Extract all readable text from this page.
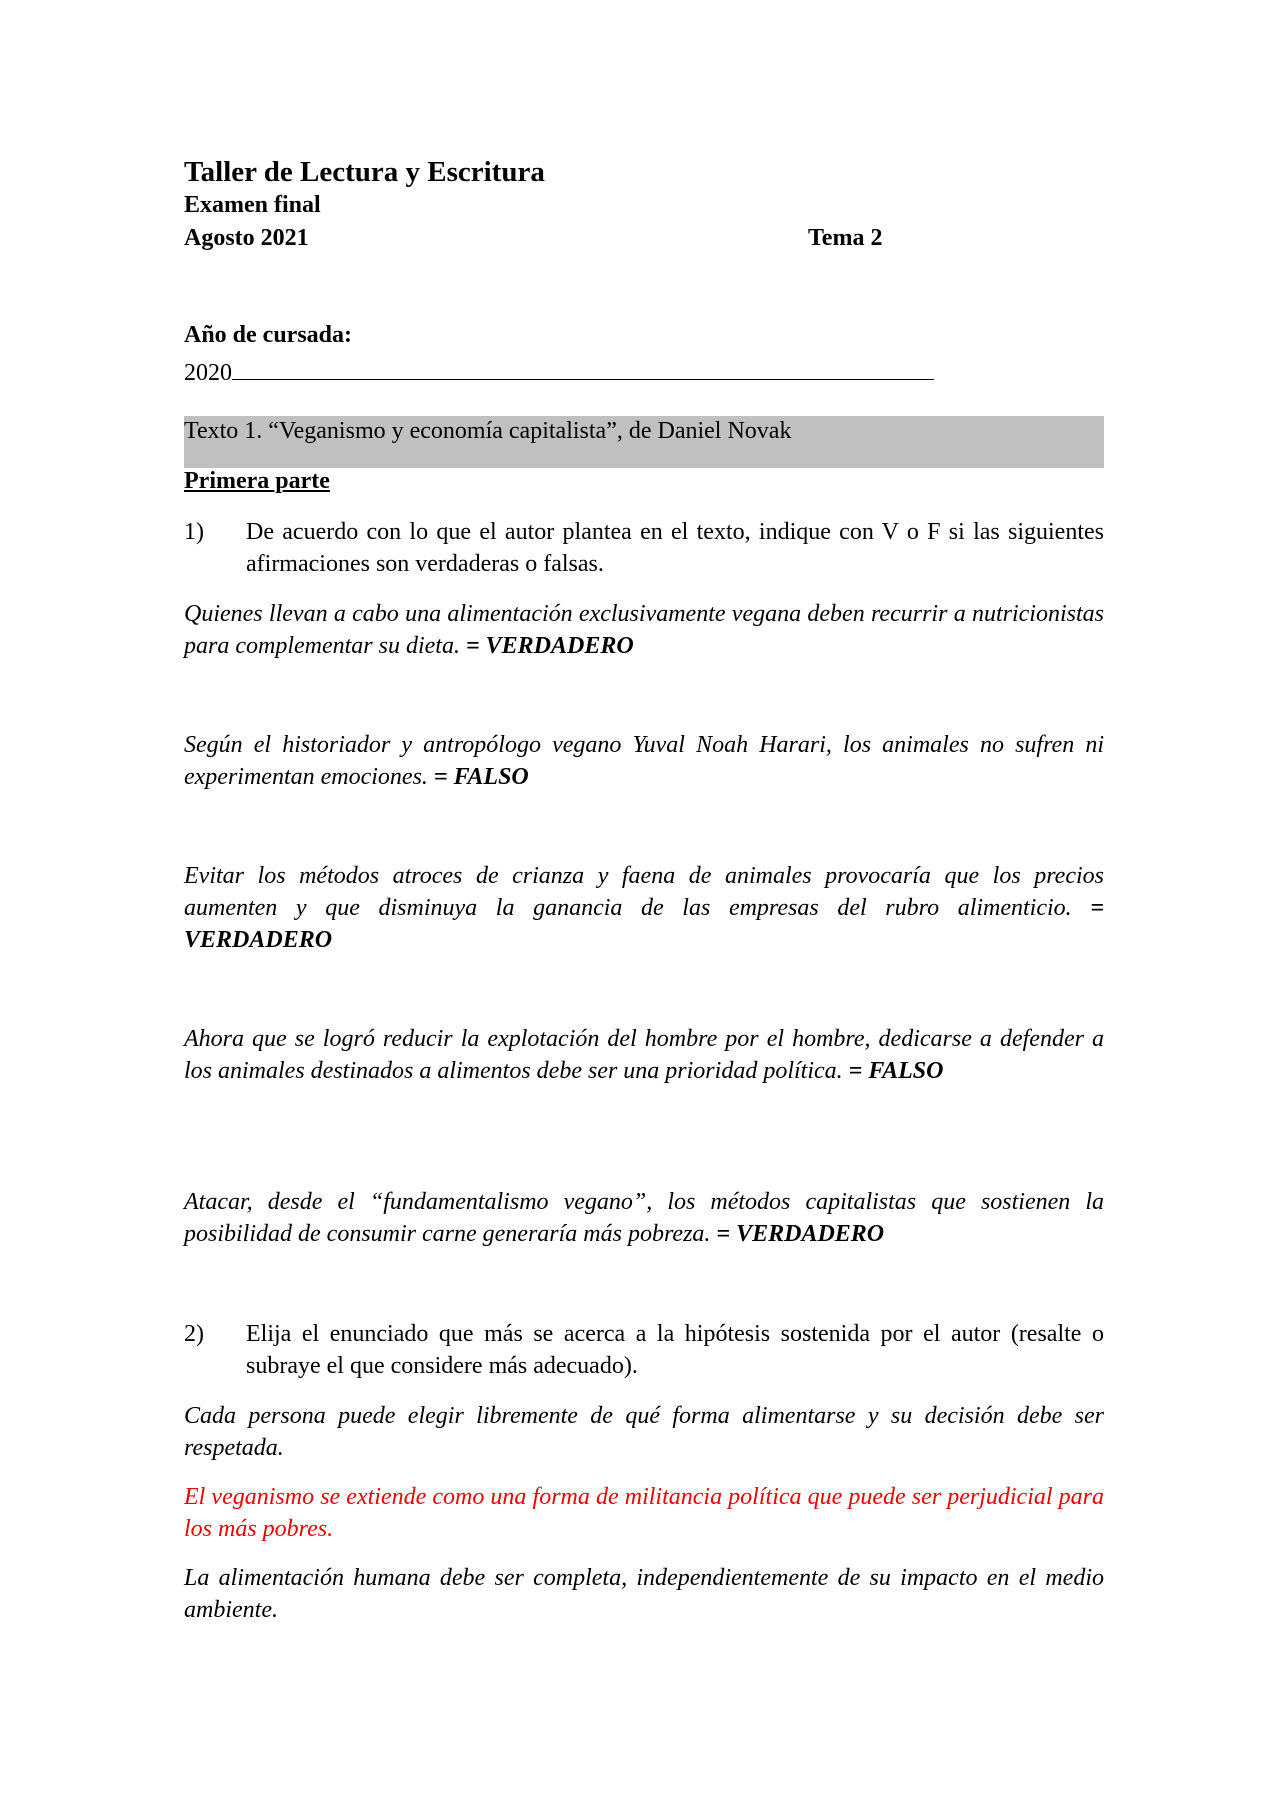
Taller de Lectura y Escritura
Examen final
Agosto 2021	Tema 2
Año de cursada:
2020
Texto 1. “Veganismo y economía capitalista”, de Daniel Novak
Primera parte
1) De acuerdo con lo que el autor plantea en el texto, indique con V o F si las siguientes afirmaciones son verdaderas o falsas.
Quienes llevan a cabo una alimentación exclusivamente vegana deben recurrir a nutricionistas para complementar su dieta. = VERDADERO
Según el historiador y antropólogo vegano Yuval Noah Harari, los animales no sufren ni experimentan emociones. = FALSO
Evitar los métodos atroces de crianza y faena de animales provocaría que los precios aumenten y que disminuya la ganancia de las empresas del rubro alimenticio. = VERDADERO
Ahora que se logró reducir la explotación del hombre por el hombre, dedicarse a defender a los animales destinados a alimentos debe ser una prioridad política. = FALSO
Atacar, desde el “fundamentalismo vegano”, los métodos capitalistas que sostienen la posibilidad de consumir carne generaría más pobreza. = VERDADERO
2) Elija el enunciado que más se acerca a la hipótesis sostenida por el autor (resalte o subraye el que considere más adecuado).
Cada persona puede elegir libremente de qué forma alimentarse y su decisión debe ser respetada.
El veganismo se extiende como una forma de militancia política que puede ser perjudicial para los más pobres.
La alimentación humana debe ser completa, independientemente de su impacto en el medio ambiente.
